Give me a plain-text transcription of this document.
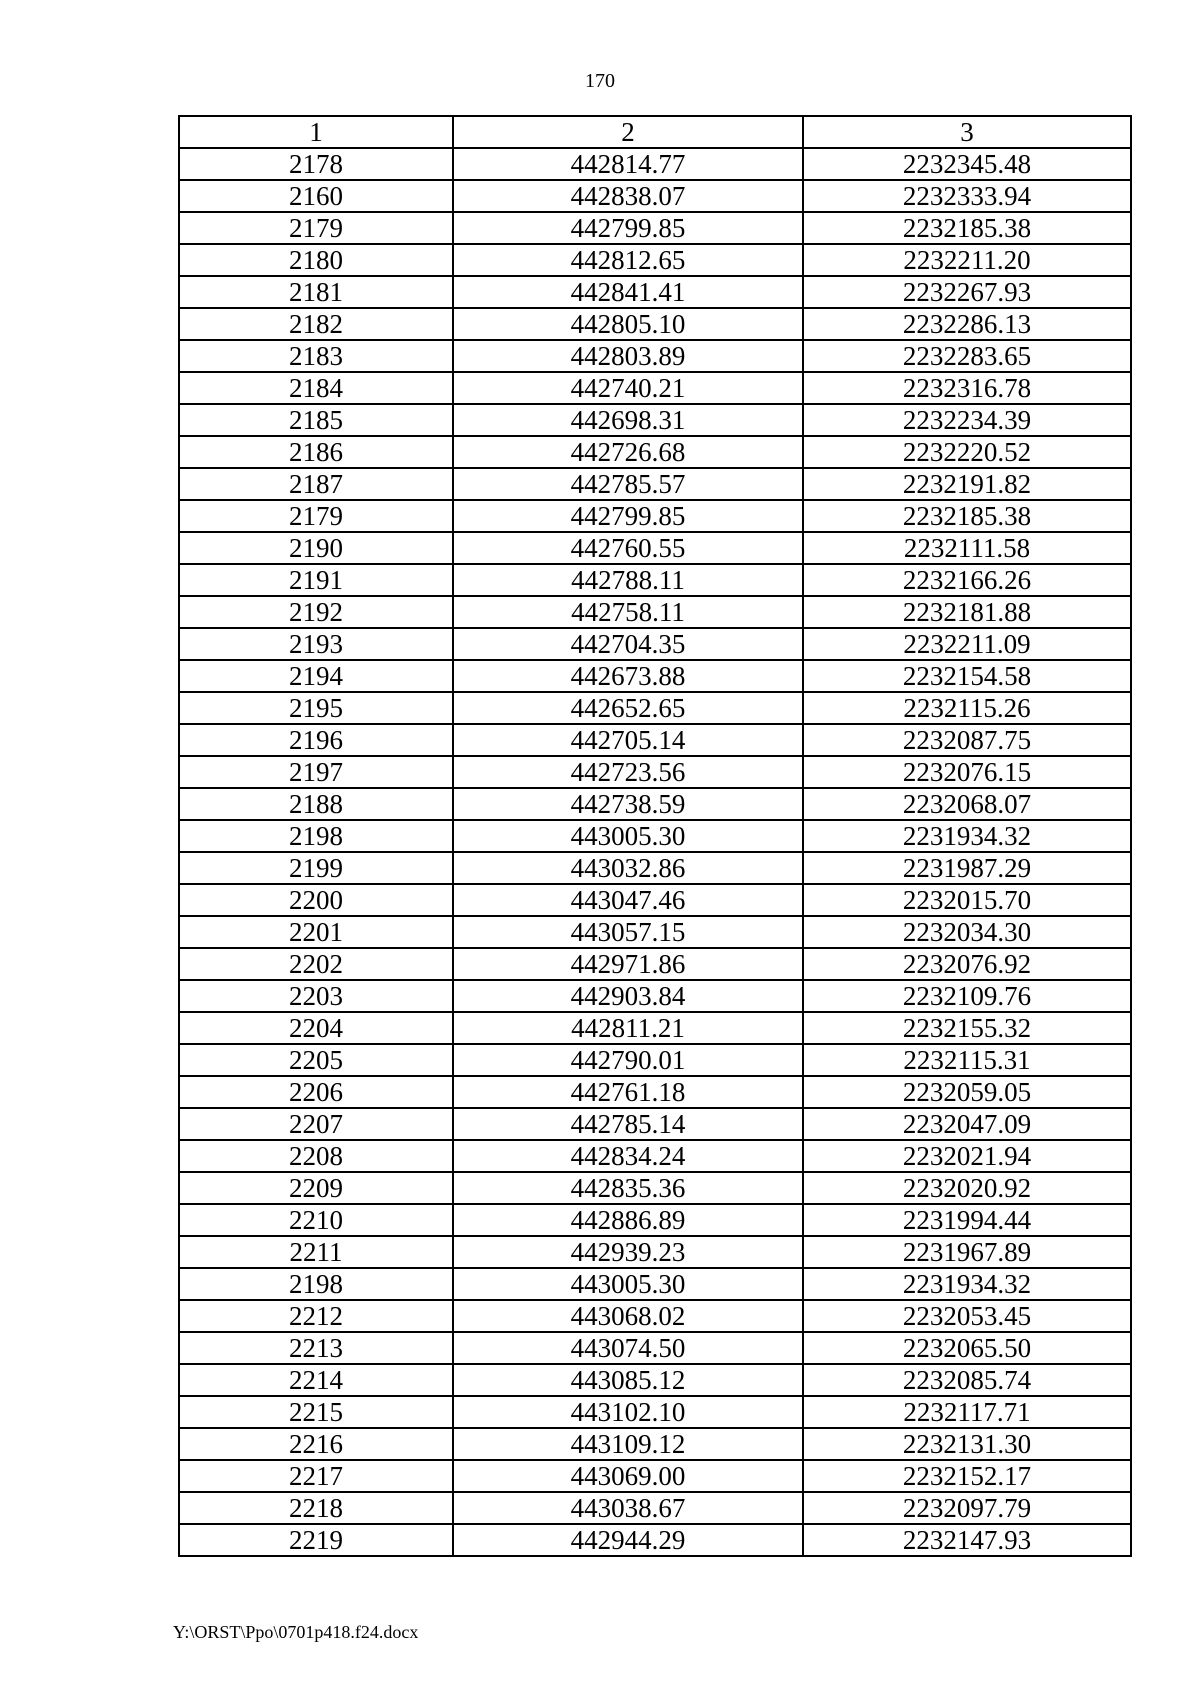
170
1	2	3
2178	442814.77	2232345.48
2160	442838.07	2232333.94
2179	442799.85	2232185.38
2180	442812.65	2232211.20
2181	442841.41	2232267.93
2182	442805.10	2232286.13
2183	442803.89	2232283.65
2184	442740.21	2232316.78
2185	442698.31	2232234.39
2186	442726.68	2232220.52
2187	442785.57	2232191.82
2179	442799.85	2232185.38
2190	442760.55	2232111.58
2191	442788.11	2232166.26
2192	442758.11	2232181.88
2193	442704.35	2232211.09
2194	442673.88	2232154.58
2195	442652.65	2232115.26
2196	442705.14	2232087.75
2197	442723.56	2232076.15
2188	442738.59	2232068.07
2198	443005.30	2231934.32
2199	443032.86	2231987.29
2200	443047.46	2232015.70
2201	443057.15	2232034.30
2202	442971.86	2232076.92
2203	442903.84	2232109.76
2204	442811.21	2232155.32
2205	442790.01	2232115.31
2206	442761.18	2232059.05
2207	442785.14	2232047.09
2208	442834.24	2232021.94
2209	442835.36	2232020.92
2210	442886.89	2231994.44
2211	442939.23	2231967.89
2198	443005.30	2231934.32
2212	443068.02	2232053.45
2213	443074.50	2232065.50
2214	443085.12	2232085.74
2215	443102.10	2232117.71
2216	443109.12	2232131.30
2217	443069.00	2232152.17
2218	443038.67	2232097.79
2219	442944.29	2232147.93
Y:\ORST\Ppo\0701p418.f24.docx
